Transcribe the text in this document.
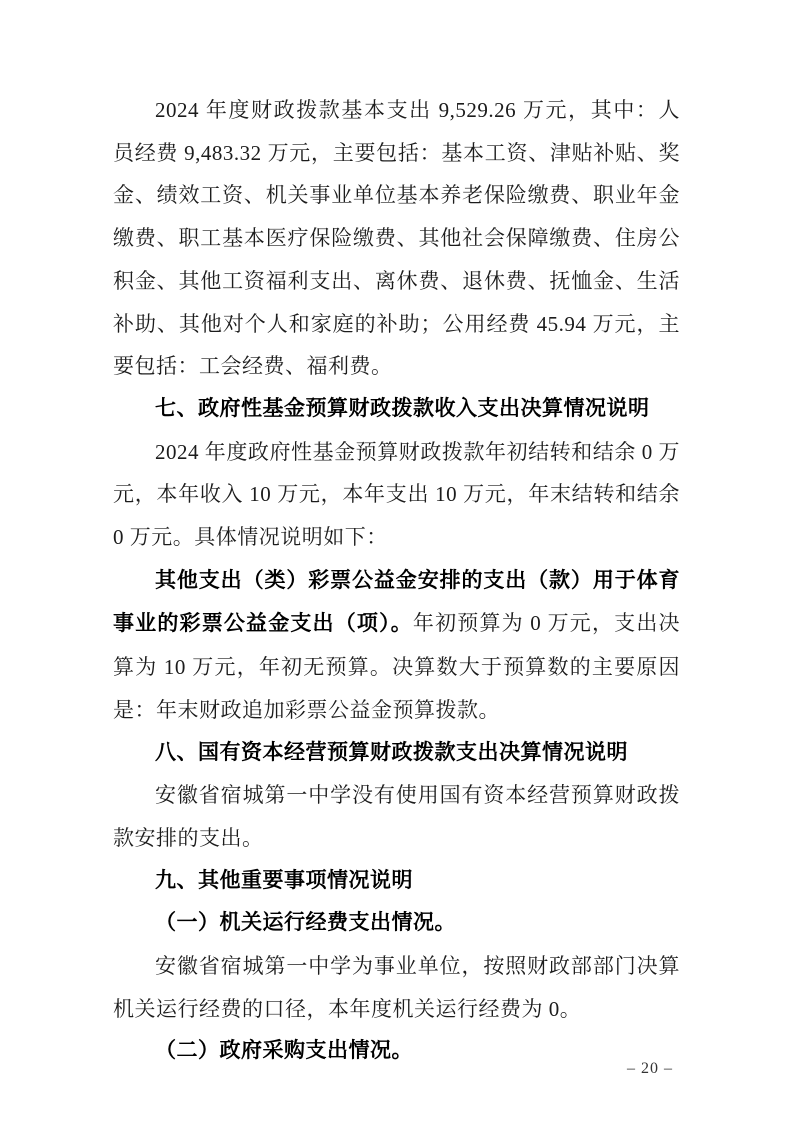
2024 年度财政拨款基本支出 9,529.26 万元，其中：人员经费 9,483.32 万元，主要包括：基本工资、津贴补贴、奖金、绩效工资、机关事业单位基本养老保险缴费、职业年金缴费、职工基本医疗保险缴费、其他社会保障缴费、住房公积金、其他工资福利支出、离休费、退休费、抚恤金、生活补助、其他对个人和家庭的补助；公用经费 45.94 万元，主要包括：工会经费、福利费。

七、政府性基金预算财政拨款收入支出决算情况说明

2024 年度政府性基金预算财政拨款年初结转和结余 0 万元，本年收入 10 万元，本年支出 10 万元，年末结转和结余 0 万元。具体情况说明如下：

其他支出（类）彩票公益金安排的支出（款）用于体育事业的彩票公益金支出（项）。年初预算为 0 万元，支出决算为 10 万元，年初无预算。决算数大于预算数的主要原因是：年末财政追加彩票公益金预算拨款。

八、国有资本经营预算财政拨款支出决算情况说明

安徽省宿城第一中学没有使用国有资本经营预算财政拨款安排的支出。

九、其他重要事项情况说明

（一）机关运行经费支出情况。

安徽省宿城第一中学为事业单位，按照财政部部门决算机关运行经费的口径，本年度机关运行经费为 0。

（二）政府采购支出情况。

– 20 –
